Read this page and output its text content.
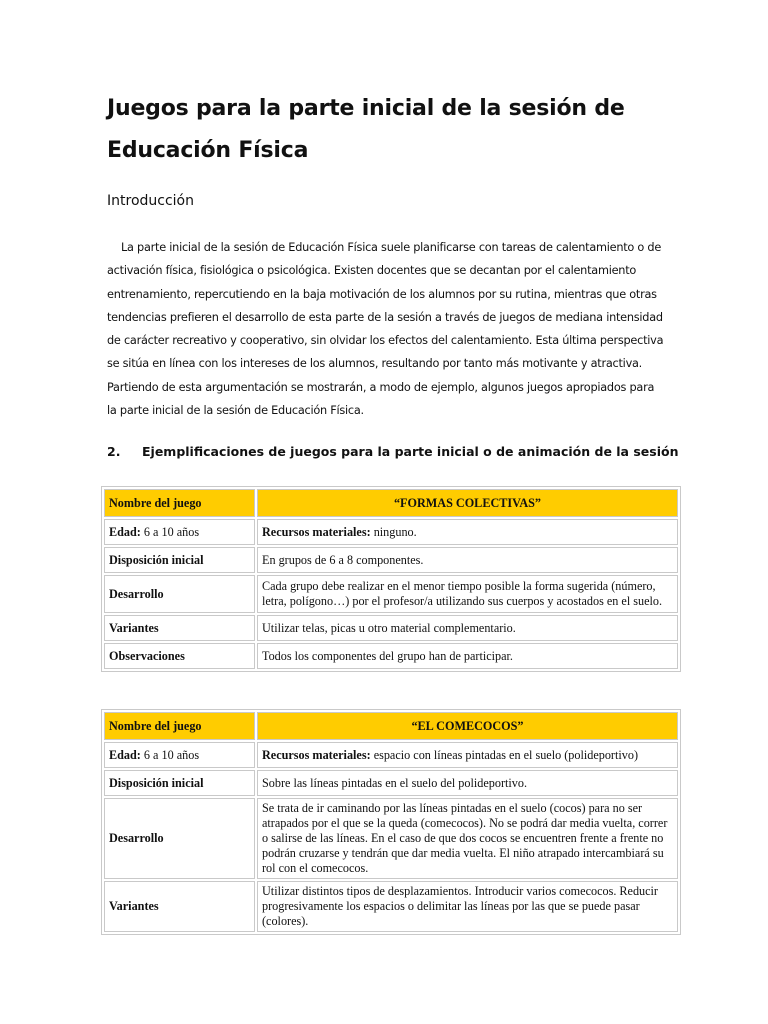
Juegos para la parte inicial de la sesión de Educación Física
Introducción

La parte inicial de la sesión de Educación Física suele planificarse con tareas de calentamiento o de activación física, fisiológica o psicológica. Existen docentes que se decantan por el calentamiento entrenamiento, repercutiendo en la baja motivación de los alumnos por su rutina, mientras que otras tendencias prefieren el desarrollo de esta parte de la sesión a través de juegos de mediana intensidad de carácter recreativo y cooperativo, sin olvidar los efectos del calentamiento. Esta última perspectiva se sitúa en línea con los intereses de los alumnos, resultando por tanto más motivante y atractiva. Partiendo de esta argumentación se mostrarán, a modo de ejemplo, algunos juegos apropiados para la parte inicial de la sesión de Educación Física.

2.	Ejemplificaciones de juegos para la parte inicial o de animación de la sesión
Nombre del juego	“FORMAS COLECTIVAS”
Edad: 6 a 10 años	Recursos materiales: ninguno.
Disposición inicial	En grupos de 6 a 8 componentes.
Desarrollo	Cada grupo debe realizar en el menor tiempo posible la forma sugerida (número, letra, polígono…) por el profesor/a utilizando sus cuerpos y acostados en el suelo.
Variantes	Utilizar telas, picas u otro material complementario.
Observaciones	Todos los componentes del grupo han de participar.
Nombre del juego	“EL COMECOCOS”
Edad: 6 a 10 años	Recursos materiales: espacio con líneas pintadas en el suelo (polideportivo)
Disposición inicial	Sobre las líneas pintadas en el suelo del polideportivo.
Desarrollo	Se trata de ir caminando por las líneas pintadas en el suelo (cocos) para no ser atrapados por el que se la queda (comecocos). No se podrá dar media vuelta, correr o salirse de las líneas. En el caso de que dos cocos se encuentren frente a frente no podrán cruzarse y tendrán que dar media vuelta. El niño atrapado intercambiará su rol con el comecocos.
Variantes	Utilizar distintos tipos de desplazamientos. Introducir varios comecocos. Reducir progresivamente los espacios o delimitar las líneas por las que se puede pasar (colores).
